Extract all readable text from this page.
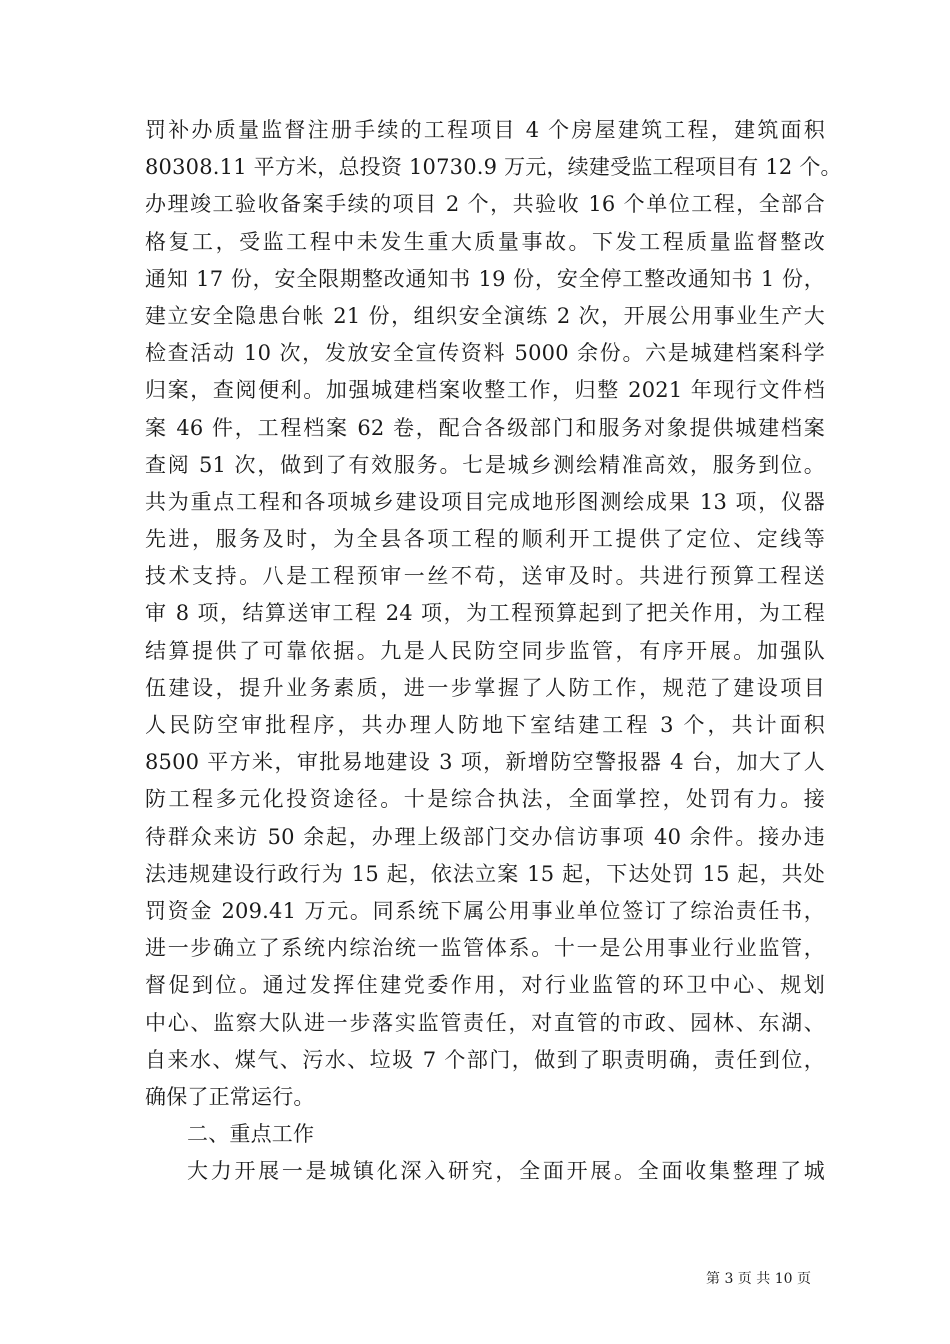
罚补办质量监督注册手续的工程项目 4 个房屋建筑工程，建筑面积
80308.11 平方米，总投资 10730.9 万元，续建受监工程项目有 12 个。
办理竣工验收备案手续的项目 2 个，共验收 16 个单位工程，全部合
格复工，受监工程中未发生重大质量事故。下发工程质量监督整改
通知 17 份，安全限期整改通知书 19 份，安全停工整改通知书 1 份，
建立安全隐患台帐 21 份，组织安全演练 2 次，开展公用事业生产大
检查活动 10 次，发放安全宣传资料 5000 余份。六是城建档案科学
归案，查阅便利。加强城建档案收整工作，归整 2021 年现行文件档
案 46 件，工程档案 62 卷，配合各级部门和服务对象提供城建档案
查阅 51 次，做到了有效服务。七是城乡测绘精准高效，服务到位。
共为重点工程和各项城乡建设项目完成地形图测绘成果 13 项，仪器
先进，服务及时，为全县各项工程的顺利开工提供了定位、定线等
技术支持。八是工程预审一丝不苟，送审及时。共进行预算工程送
审 8 项，结算送审工程 24 项，为工程预算起到了把关作用，为工程
结算提供了可靠依据。九是人民防空同步监管，有序开展。加强队
伍建设，提升业务素质，进一步掌握了人防工作，规范了建设项目
人民防空审批程序，共办理人防地下室结建工程 3 个，共计面积
8500 平方米，审批易地建设 3 项，新增防空警报器 4 台，加大了人
防工程多元化投资途径。十是综合执法，全面掌控，处罚有力。接
待群众来访 50 余起，办理上级部门交办信访事项 40 余件。接办违
法违规建设行政行为 15 起，依法立案 15 起，下达处罚 15 起，共处
罚资金 209.41 万元。同系统下属公用事业单位签订了综治责任书，
进一步确立了系统内综治统一监管体系。十一是公用事业行业监管，
督促到位。通过发挥住建党委作用，对行业监管的环卫中心、规划
中心、监察大队进一步落实监管责任，对直管的市政、园林、东湖、
自来水、煤气、污水、垃圾 7 个部门，做到了职责明确，责任到位，
确保了正常运行。
二、重点工作
大力开展一是城镇化深入研究，全面开展。全面收集整理了城
第 3 页 共 10 页
